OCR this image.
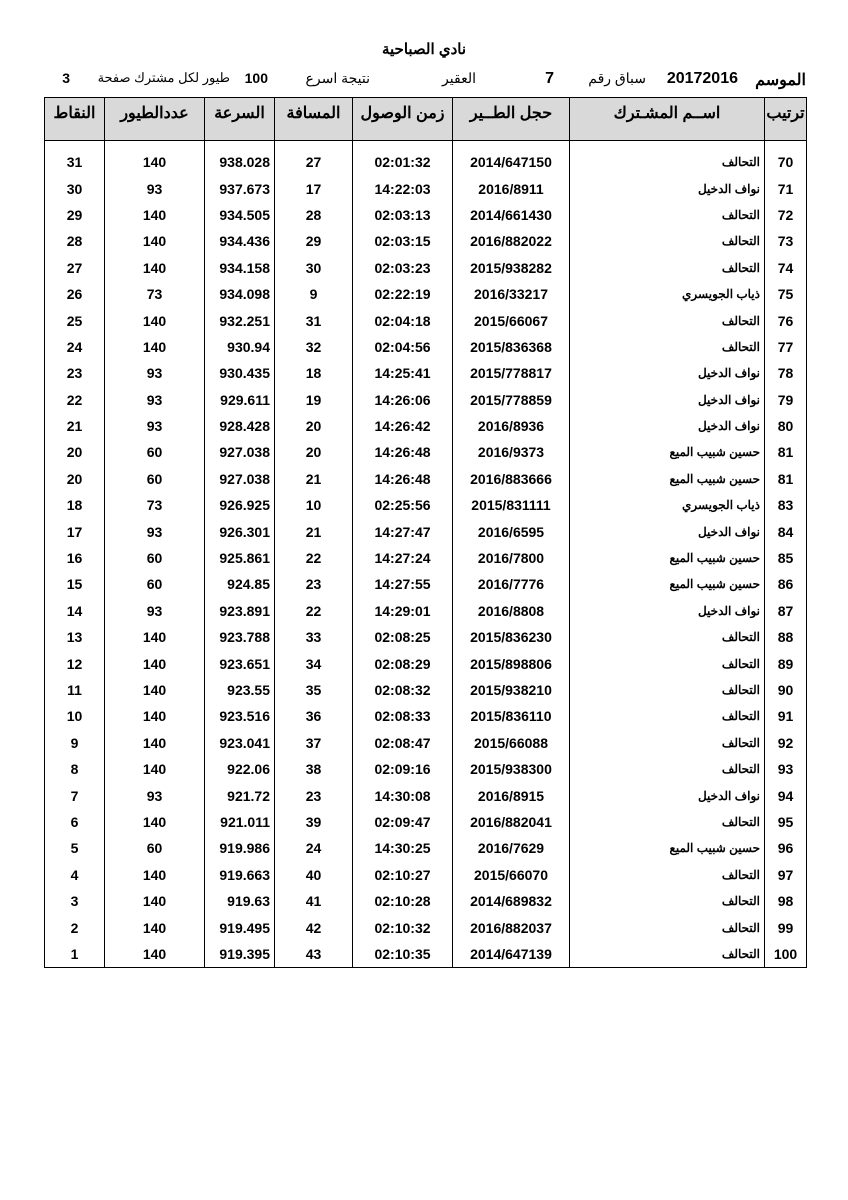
نادي الصباحية
الموسم
20172016
سباق رقم
7
العقير
نتيجة اسرع
100
طيور لكل مشترك صفحة
3
ترتيب	اســم المشـترك	حجل الطــير	زمن الوصول	المسافة	السرعة	عددالطيور	النقاط

70	التحالف	2014/647150	02:01:32	27	938.028	140	31
71	نواف الدخيل	2016/8911	14:22:03	17	937.673	93	30
72	التحالف	2014/661430	02:03:13	28	934.505	140	29
73	التحالف	2016/882022	02:03:15	29	934.436	140	28
74	التحالف	2015/938282	02:03:23	30	934.158	140	27
75	ذياب الجويسري	2016/33217	02:22:19	9	934.098	73	26
76	التحالف	2015/66067	02:04:18	31	932.251	140	25
77	التحالف	2015/836368	02:04:56	32	930.94	140	24
78	نواف الدخيل	2015/778817	14:25:41	18	930.435	93	23
79	نواف الدخيل	2015/778859	14:26:06	19	929.611	93	22
80	نواف الدخيل	2016/8936	14:26:42	20	928.428	93	21
81	حسين شبيب الميع	2016/9373	14:26:48	20	927.038	60	20
81	حسين شبيب الميع	2016/883666	14:26:48	21	927.038	60	20
83	ذياب الجويسري	2015/831111	02:25:56	10	926.925	73	18
84	نواف الدخيل	2016/6595	14:27:47	21	926.301	93	17
85	حسين شبيب الميع	2016/7800	14:27:24	22	925.861	60	16
86	حسين شبيب الميع	2016/7776	14:27:55	23	924.85	60	15
87	نواف الدخيل	2016/8808	14:29:01	22	923.891	93	14
88	التحالف	2015/836230	02:08:25	33	923.788	140	13
89	التحالف	2015/898806	02:08:29	34	923.651	140	12
90	التحالف	2015/938210	02:08:32	35	923.55	140	11
91	التحالف	2015/836110	02:08:33	36	923.516	140	10
92	التحالف	2015/66088	02:08:47	37	923.041	140	9
93	التحالف	2015/938300	02:09:16	38	922.06	140	8
94	نواف الدخيل	2016/8915	14:30:08	23	921.72	93	7
95	التحالف	2016/882041	02:09:47	39	921.011	140	6
96	حسين شبيب الميع	2016/7629	14:30:25	24	919.986	60	5
97	التحالف	2015/66070	02:10:27	40	919.663	140	4
98	التحالف	2014/689832	02:10:28	41	919.63	140	3
99	التحالف	2016/882037	02:10:32	42	919.495	140	2
100	التحالف	2014/647139	02:10:35	43	919.395	140	1
